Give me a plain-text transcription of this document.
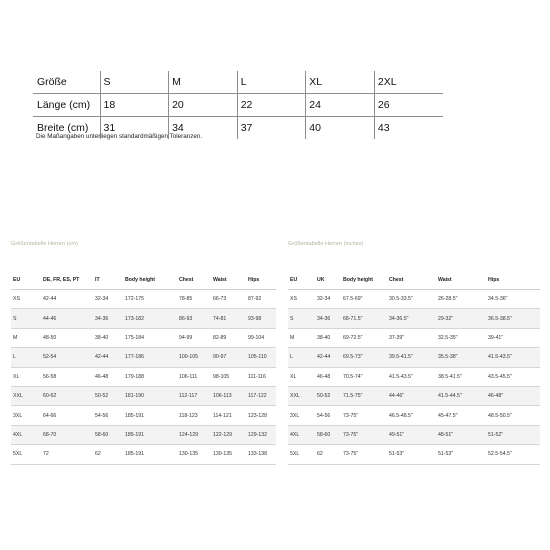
Größe	S	M	L	XL	2XL
Länge (cm)	18	20	22	24	26
Breite (cm)	31	34	37	40	43
Die Maßangaben unterliegen standardmäßigen Toleranzen.
Größentabelle Herren (cm)
EU	DE, FR, ES, PT	IT	Body height	Chest	Waist	Hips
XS	42-44	32-34	172-175	78-85	66-73	87-92
S	44-46	34-36	173-182	86-93	74-81	93-98
M	48-50	38-40	175-184	94-99	82-89	99-104
L	52-54	42-44	177-186	100-105	90-97	105-110
XL	56-58	46-48	179-188	106-111	98-105	111-116
XXL	60-62	50-52	181-190	112-117	106-113	117-122
3XL	64-66	54-56	185-191	118-123	114-121	123-128
4XL	68-70	58-60	185-191	124-129	122-129	129-132
5XL	72	62	185-191	130-135	130-135	133-138
Größentabelle Herren (inches)
EU	UK	Body height	Chest	Waist	Hips
XS	32-34	67.5-69"	30.5-33.5"	26-28.5"	34.5-36"
S	34-36	68-71.5"	34-36.5"	29-32"	36.5-38.5"
M	38-40	69-72.5"	37-39"	32.5-35"	39-41"
L	42-44	69.5-73"	39.5-41.5"	35.5-38"	41.5-43.5"
XL	46-48	70.5-74"	41.5-43.5"	38.5-41.5"	43.5-45.5"
XXL	50-52	71.5-75"	44-46"	41.5-44.5"	46-48"
3XL	54-56	73-75"	46.5-48.5"	45-47.5"	48.5-50.5"
4XL	58-60	73-75"	49-51"	48-51"	51-52"
5XL	62	73-75"	51-53"	51-53"	52.5-54.5"
